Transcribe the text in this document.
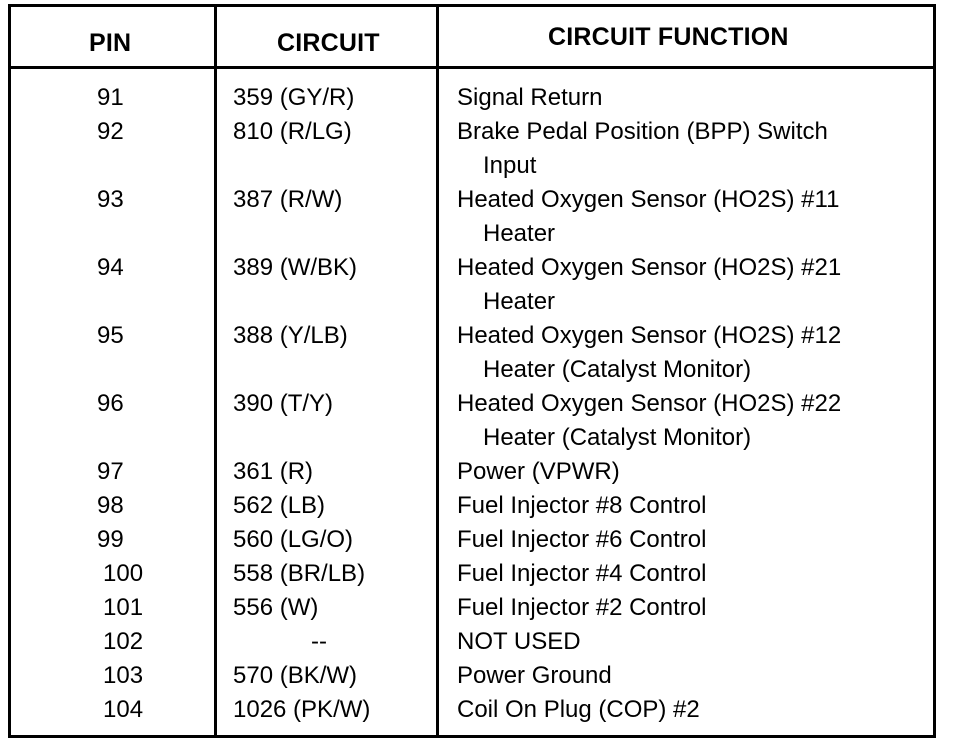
PIN	CIRCUIT	CIRCUIT FUNCTION
91	359 (GY/R)	Signal Return
92	810 (R/LG)	Brake Pedal Position (BPP) Switch
Input
93	387 (R/W)	Heated Oxygen Sensor (HO2S) #11
Heater
94	389 (W/BK)	Heated Oxygen Sensor (HO2S) #21
Heater
95	388 (Y/LB)	Heated Oxygen Sensor (HO2S) #12
Heater (Catalyst Monitor)
96	390 (T/Y)	Heated Oxygen Sensor (HO2S) #22
Heater (Catalyst Monitor)
97	361 (R)	Power (VPWR)
98	562 (LB)	Fuel Injector #8 Control
99	560 (LG/O)	Fuel Injector #6 Control
100	558 (BR/LB)	Fuel Injector #4 Control
101	556 (W)	Fuel Injector #2 Control
102	--	NOT USED
103	570 (BK/W)	Power Ground
104	1026 (PK/W)	Coil On Plug (COP) #2
